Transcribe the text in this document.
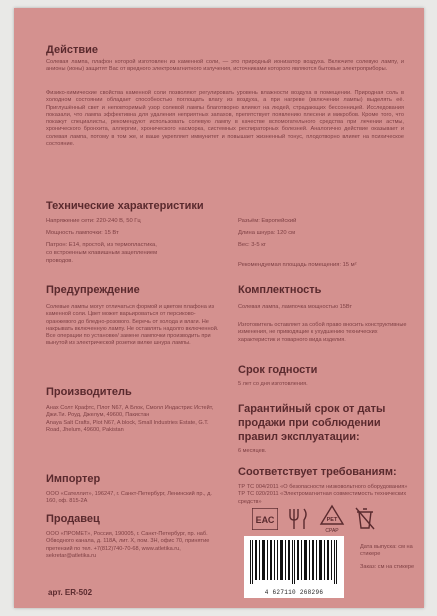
Действие
Солевая лампа, плафон которой изготовлен из каменной соли, — это природный ионизатор воздуха. Включите солевую лампу, и анионы (ионы) защитят Вас от вредного электромагнитного излучения, источниками которого являются бытовые электроприборы.
Физико-химические свойства каменной соли позволяют регулировать уровень влажности воздуха в помещении. Природная соль в холодном состоянии обладает способностью поглощать влагу из воздуха, а при нагреве (включении лампы) выделять её. Приглушённый свет и неповторимый узор солевой лампы благотворно влияют на людей, страдающих бессонницей. Исследования показали, что лампа эффективна для удаления неприятных запахов, препятствует появлению плесени и микробов. Кроме того, что покажут специалисты, рекомендуют использовать солевую лампу в качестве вспомогательного средства при лечении астмы, хронического бронхита, аллергии, хронического насморка, системных респираторных болезней. Аналогично действие оказывает и солевая лампа, потому в том же, и ваше укрепляет иммунитет и повышает жизненный тонус, плодотворно влияет на психическое состояние.
Технические характеристики
Напряжение сети: 220-240 В, 50 Гц
Мощность лампочки: 15 Вт
Патрон: E14, простой, из термопластика,
со встроенным клавишным зацеплением
проводов.
Разъём: Европейский
Длина шнура: 120 см
Вес: 3-5 кг
Рекомендуемая площадь помещения: 15 м²
Предупреждение
Солевые лампы могут отличаться формой и цветом плафона из каменной соли. Цвет может варьироваться от персиково-оранжевого до бледно-розового. Беречь от холода и влаги. Не накрывать включенную лампу. Не оставлять надолго включенной. Все операции по установке/ замене лампочки производить при вынутой из электрической розетки вилке шнура лампы.
Комплектность
Солевая лампа, лампочка мощностью 15Вт
Изготовитель оставляет за собой право вносить конструктивные изменения, не приводящие к ухудшению технических характеристик и товарного вида изделия.
Срок годности
5 лет со дня изготовления.
Производитель
Анах Солт Крафтс, Плот N67, А Блок, Смолл Индастрис Истейт, Джи.Ти. Роуд, Джелум, 49600, Пакистан
Anaya Salt Crafts, Plot N67, A block, Small Industries Estate, G.T. Road, Jhelum, 49600, Pakistan
Гарантийный срок от даты продажи при соблюдении правил эксплуатации:
6 месяцев.
Импортер
ООО «Сателлит», 196247, г. Санкт-Петербург, Ленинский пр., д. 160, оф. 815-2А
Соответствует требованиям:
ТР ТС 004/2011 «О безопасности низковольтного оборудования»
ТР ТС 020/2011 «Электромагнитная совместимость технических средств»
Продавец
ООО «ПРОМЕТ», Россия, 190005, г. Санкт-Петербург, пр. наб. Обводного канала, д. 118А, лит. Х, пом. 3Н, офис 70, принятие претензий по тел. +7(812)740-70-68, www.atletika.ru, sekretar@atletika.ru
ЕАС	PET
СРАР
4 627110 268296
Дата выпуска: см на стикере
Заказ: см на стикере
арт. ER-502
